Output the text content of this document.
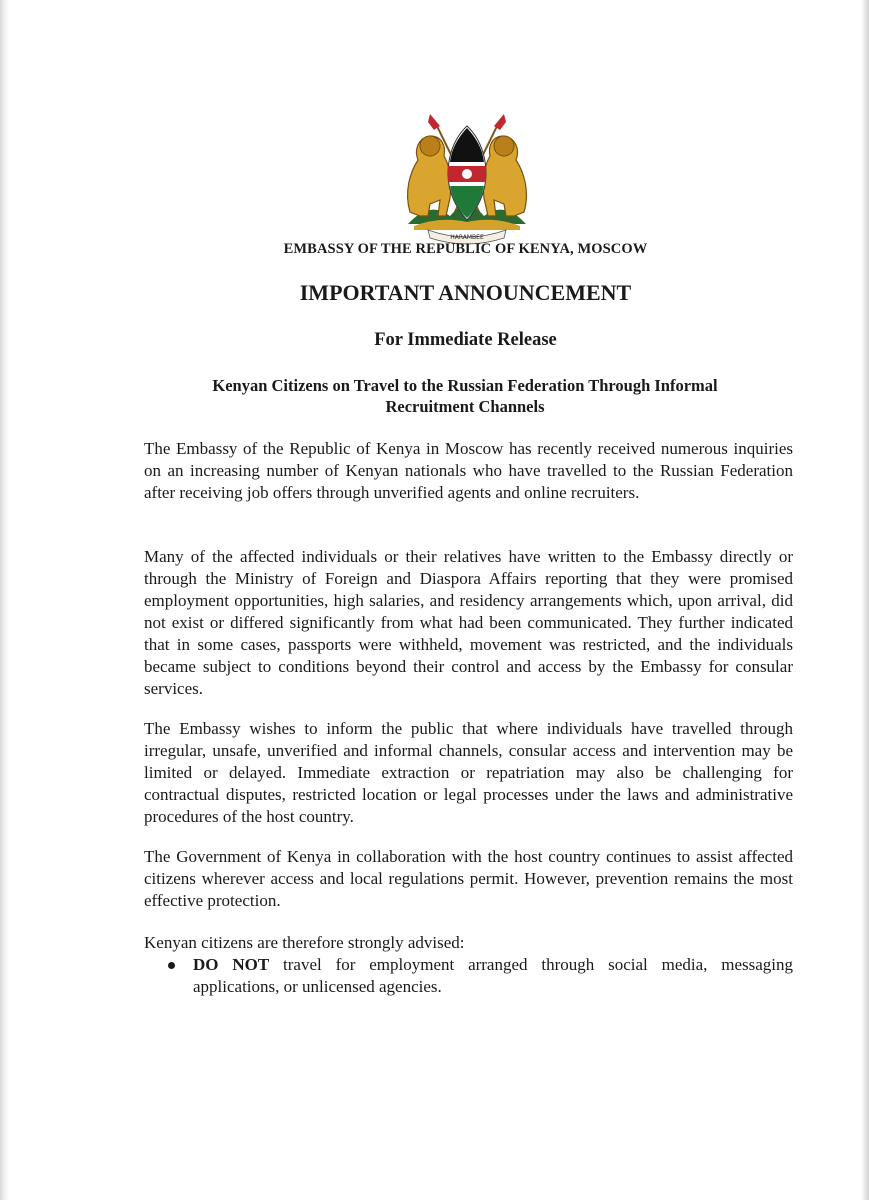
HARAMBEE
EMBASSY OF THE REPUBLIC OF KENYA, MOSCOW
IMPORTANT ANNOUNCEMENT
For Immediate Release
Kenyan Citizens on Travel to the Russian Federation Through Informal
Recruitment Channels

The Embassy of the Republic of Kenya in Moscow has recently received numerous inquiries on an increasing number of Kenyan nationals who have travelled to the Russian Federation after receiving job offers through unverified agents and online recruiters.

Many of the affected individuals or their relatives have written to the Embassy directly or through the Ministry of Foreign and Diaspora Affairs reporting that they were promised employment opportunities, high salaries, and residency arrangements which, upon arrival, did not exist or differed significantly from what had been communicated. They further indicated that in some cases, passports were withheld, movement was restricted, and the individuals became subject to conditions beyond their control and access by the Embassy for consular services.

The Embassy wishes to inform the public that where individuals have travelled through irregular, unsafe, unverified and informal channels, consular access and intervention may be limited or delayed. Immediate extraction or repatriation may also be challenging for contractual disputes, restricted location or legal processes under the laws and administrative procedures of the host country.

The Government of Kenya in collaboration with the host country continues to assist affected citizens wherever access and local regulations permit. However, prevention remains the most effective protection.

Kenyan citizens are therefore strongly advised:

DO NOT travel for employment arranged through social media, messaging applications, or unlicensed agencies.
